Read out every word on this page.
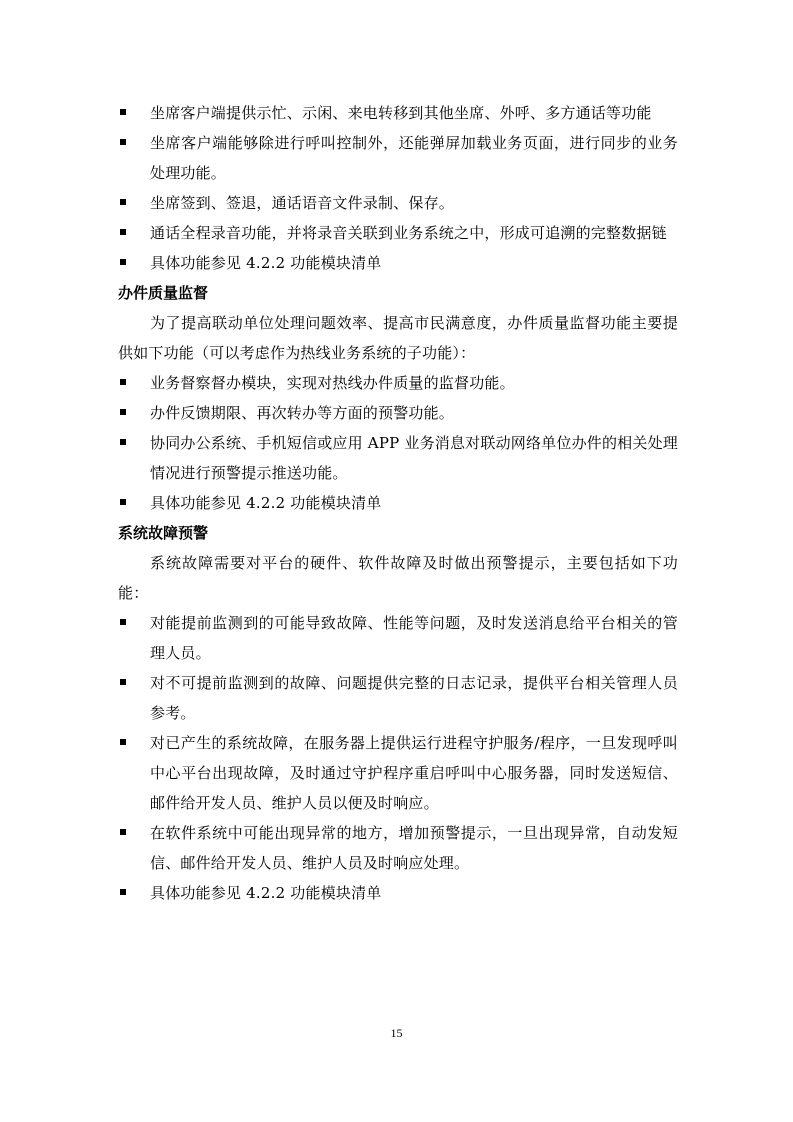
坐席客户端提供示忙、示闲、来电转移到其他坐席、外呼、多方通话等功能
坐席客户端能够除进行呼叫控制外，还能弹屏加载业务页面，进行同步的业务处理功能。
坐席签到、签退，通话语音文件录制、保存。
通话全程录音功能，并将录音关联到业务系统之中，形成可追溯的完整数据链
具体功能参见 4.2.2 功能模块清单

办件质量监督

为了提高联动单位处理问题效率、提高市民满意度，办件质量监督功能主要提供如下功能（可以考虑作为热线业务系统的子功能）：

业务督察督办模块，实现对热线办件质量的监督功能。
办件反馈期限、再次转办等方面的预警功能。
协同办公系统、手机短信或应用 APP 业务消息对联动网络单位办件的相关处理情况进行预警提示推送功能。
具体功能参见 4.2.2 功能模块清单

系统故障预警

系统故障需要对平台的硬件、软件故障及时做出预警提示，主要包括如下功能：

对能提前监测到的可能导致故障、性能等问题，及时发送消息给平台相关的管理人员。
对不可提前监测到的故障、问题提供完整的日志记录，提供平台相关管理人员参考。
对已产生的系统故障，在服务器上提供运行进程守护服务/程序，一旦发现呼叫中心平台出现故障，及时通过守护程序重启呼叫中心服务器，同时发送短信、邮件给开发人员、维护人员以便及时响应。
在软件系统中可能出现异常的地方，增加预警提示，一旦出现异常，自动发短信、邮件给开发人员、维护人员及时响应处理。
具体功能参见 4.2.2 功能模块清单
15
